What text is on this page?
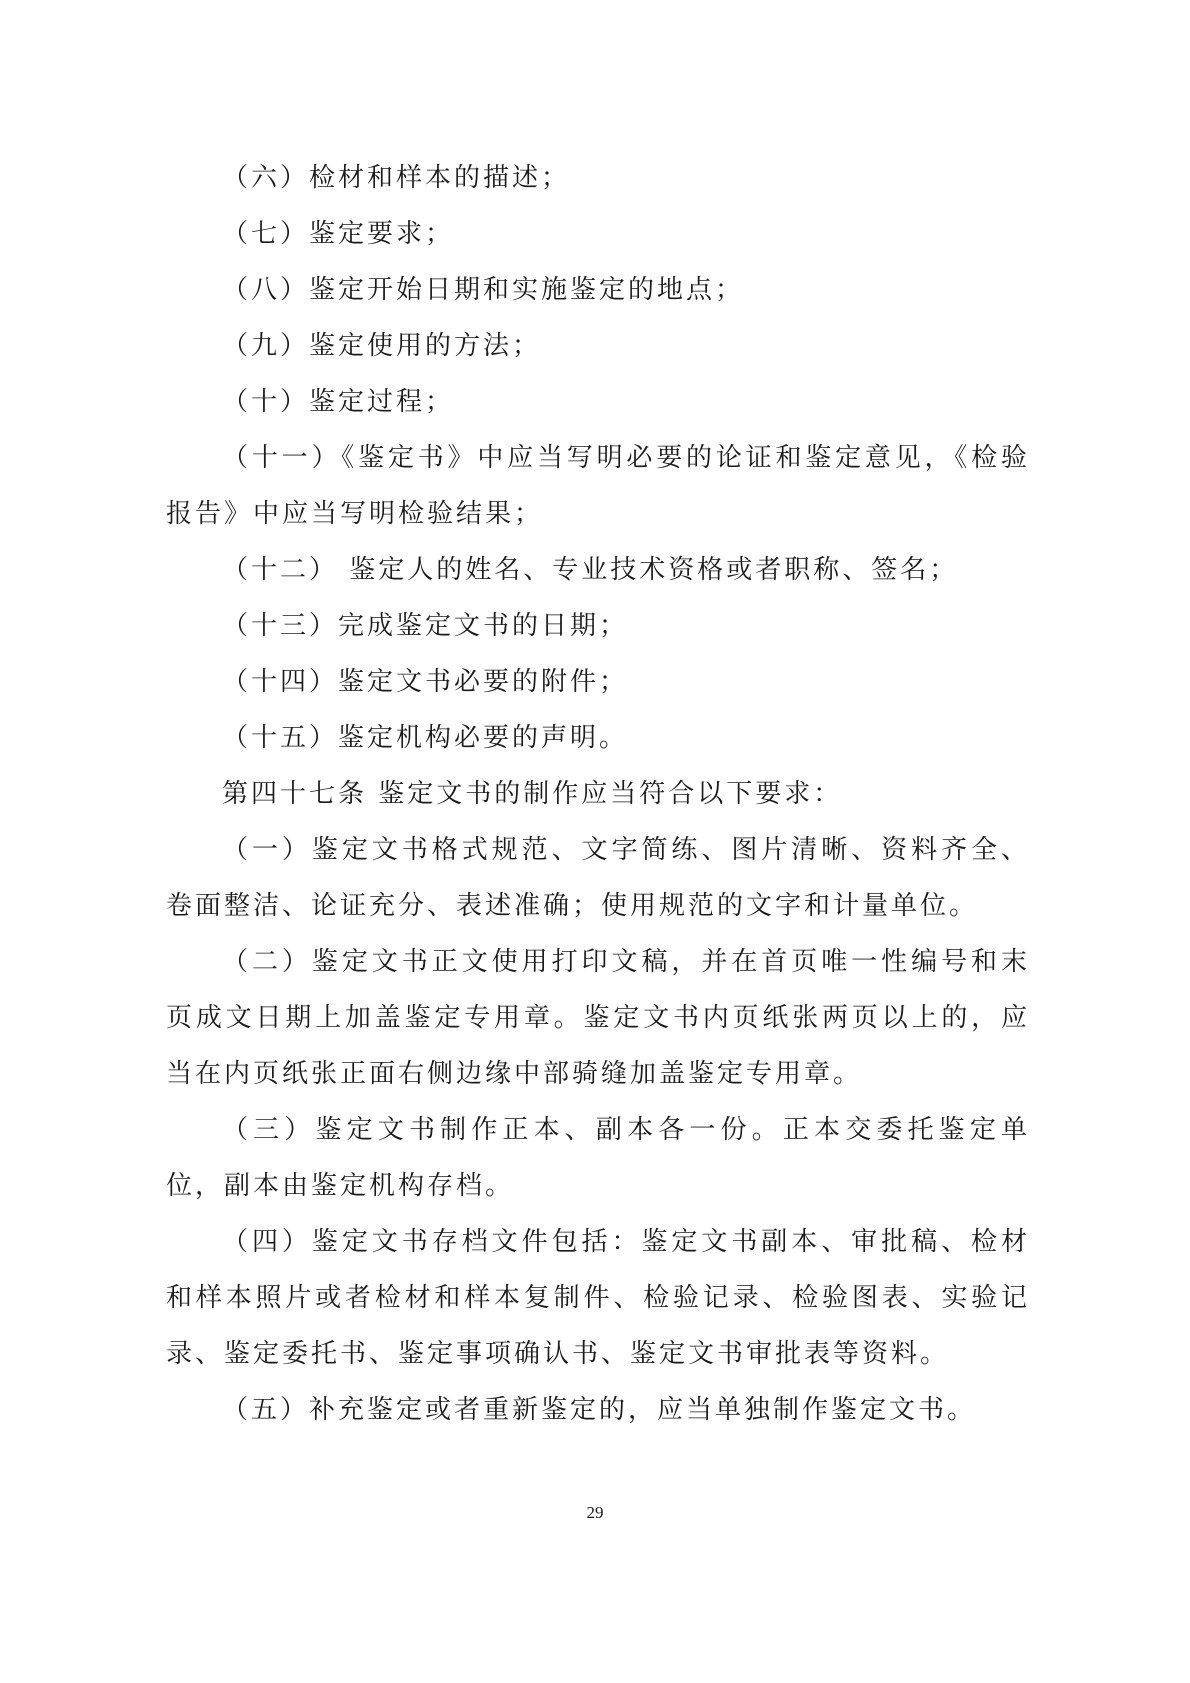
（六）检材和样本的描述；

（七）鉴定要求；

（八）鉴定开始日期和实施鉴定的地点；

（九）鉴定使用的方法；

（十）鉴定过程；

（十一）《鉴定书》中应当写明必要的论证和鉴定意见，《检验报告》中应当写明检验结果；

（十二） 鉴定人的姓名、专业技术资格或者职称、签名；

（十三）完成鉴定文书的日期；

（十四）鉴定文书必要的附件；

（十五）鉴定机构必要的声明。

第四十七条 鉴定文书的制作应当符合以下要求：

（一）鉴定文书格式规范、文字简练、图片清晰、资料齐全、卷面整洁、论证充分、表述准确；使用规范的文字和计量单位。

（二）鉴定文书正文使用打印文稿，并在首页唯一性编号和末页成文日期上加盖鉴定专用章。鉴定文书内页纸张两页以上的，应当在内页纸张正面右侧边缘中部骑缝加盖鉴定专用章。

（三）鉴定文书制作正本、副本各一份。正本交委托鉴定单位，副本由鉴定机构存档。

（四）鉴定文书存档文件包括：鉴定文书副本、审批稿、检材和样本照片或者检材和样本复制件、检验记录、检验图表、实验记录、鉴定委托书、鉴定事项确认书、鉴定文书审批表等资料。

（五）补充鉴定或者重新鉴定的，应当单独制作鉴定文书。

29
